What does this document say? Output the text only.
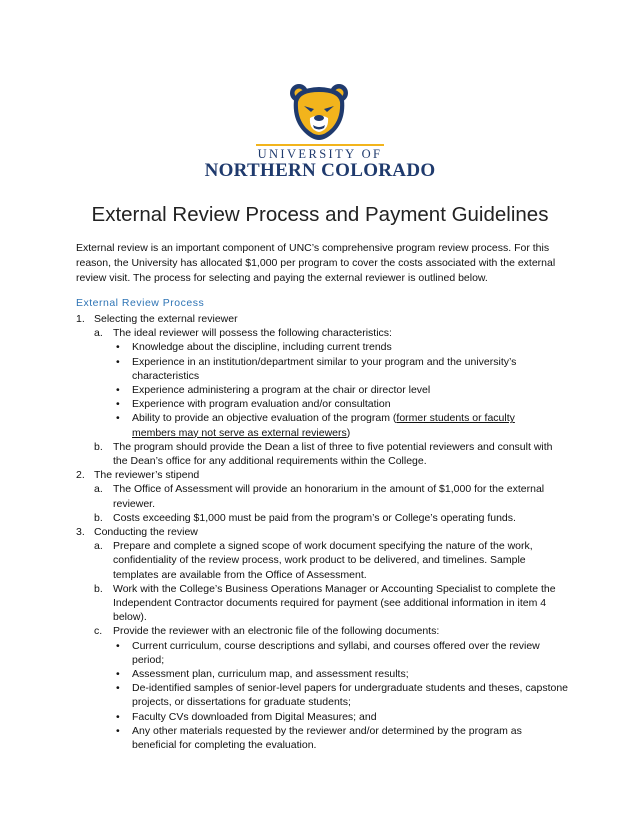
UNIVERSITY OF
NORTHERN COLORADO
External Review Process and Payment Guidelines
External review is an important component of UNC’s comprehensive program review process. For this
reason, the University has allocated $1,000 per program to cover the costs associated with the external
review visit. The process for selecting and paying the external reviewer is outlined below.
External Review Process
1. Selecting the external reviewer
a. The ideal reviewer will possess the following characteristics:
• Knowledge about the discipline, including current trends
• Experience in an institution/department similar to your program and the university’s
characteristics
• Experience administering a program at the chair or director level
• Experience with program evaluation and/or consultation
• Ability to provide an objective evaluation of the program (former students or faculty
members may not serve as external reviewers)
b. The program should provide the Dean a list of three to five potential reviewers and consult with
the Dean’s office for any additional requirements within the College.
2. The reviewer’s stipend
a. The Office of Assessment will provide an honorarium in the amount of $1,000 for the external
reviewer.
b. Costs exceeding $1,000 must be paid from the program’s or College’s operating funds.
3. Conducting the review
a. Prepare and complete a signed scope of work document specifying the nature of the work,
confidentiality of the review process, work product to be delivered, and timelines. Sample
templates are available from the Office of Assessment.
b. Work with the College’s Business Operations Manager or Accounting Specialist to complete the
Independent Contractor documents required for payment (see additional information in item 4
below).
c. Provide the reviewer with an electronic file of the following documents:
• Current curriculum, course descriptions and syllabi, and courses offered over the review
period;
• Assessment plan, curriculum map, and assessment results;
• De-identified samples of senior-level papers for undergraduate students and theses, capstone
projects, or dissertations for graduate students;
• Faculty CVs downloaded from Digital Measures; and
• Any other materials requested by the reviewer and/or determined by the program as
beneficial for completing the evaluation.
